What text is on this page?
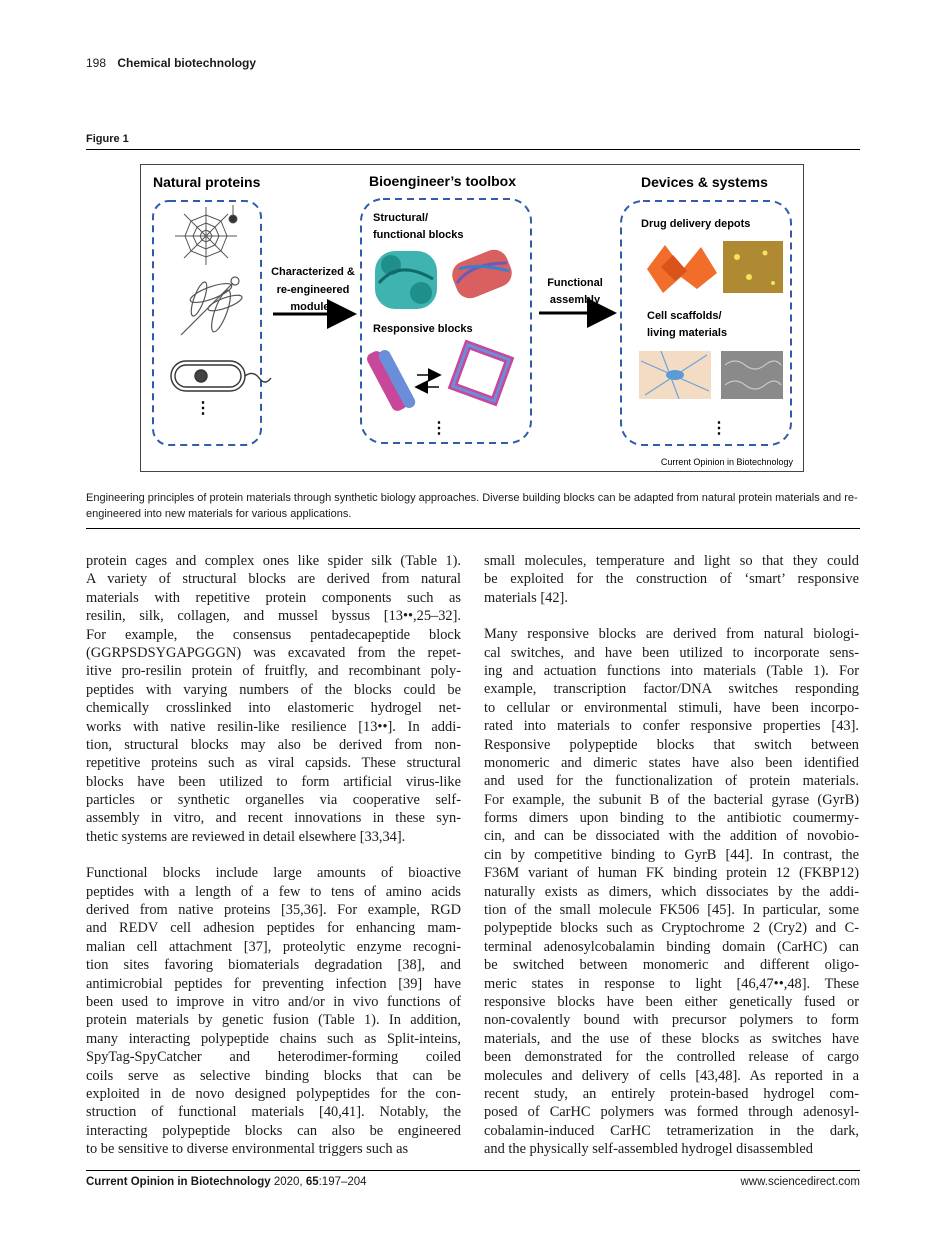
198 Chemical biotechnology
Figure 1
Natural proteins	Bioengineer’s toolbox	Devices & systems
⋮
Characterized &
re-engineered
modules
Structural/
functional blocks
Responsive blocks
⋮
Functional
assembly
Drug delivery depots
Cell scaffolds/
living materials
⋮
Current Opinion in Biotechnology
Engineering principles of protein materials through synthetic biology approaches. Diverse building blocks can be adapted from natural protein materials and re-engineered into new materials for various applications.

protein cages and complex ones like spider silk (Table 1).
A variety of structural blocks are derived from natural
materials with repetitive protein components such as
resilin, silk, collagen, and mussel byssus [13••,25–32].
For example, the consensus pentadecapeptide block
(GGRPSDSYGAPGGGN) was excavated from the repet-
itive pro-resilin protein of fruitfly, and recombinant poly-
peptides with varying numbers of the blocks could be
chemically crosslinked into elastomeric hydrogel net-
works with native resilin-like resilience [13••]. In addi-
tion, structural blocks may also be derived from non-
repetitive proteins such as viral capsids. These structural
blocks have been utilized to form artificial virus-like
particles or synthetic organelles via cooperative self-
assembly in vitro, and recent innovations in these syn-
thetic systems are reviewed in detail elsewhere [33,34].

Functional blocks include large amounts of bioactive
peptides with a length of a few to tens of amino acids
derived from native proteins [35,36]. For example, RGD
and REDV cell adhesion peptides for enhancing mam-
malian cell attachment [37], proteolytic enzyme recogni-
tion sites favoring biomaterials degradation [38], and
antimicrobial peptides for preventing infection [39] have
been used to improve in vitro and/or in vivo functions of
protein materials by genetic fusion (Table 1). In addition,
many interacting polypeptide chains such as Split-inteins,
SpyTag-SpyCatcher and heterodimer-forming coiled
coils serve as selective binding blocks that can be
exploited in de novo designed polypeptides for the con-
struction of functional materials [40,41]. Notably, the
interacting polypeptide blocks can also be engineered
to be sensitive to diverse environmental triggers such as

small molecules, temperature and light so that they could
be exploited for the construction of ‘smart’ responsive
materials [42].

Many responsive blocks are derived from natural biologi-
cal switches, and have been utilized to incorporate sens-
ing and actuation functions into materials (Table 1). For
example, transcription factor/DNA switches responding
to cellular or environmental stimuli, have been incorpo-
rated into materials to confer responsive properties [43].
Responsive polypeptide blocks that switch between
monomeric and dimeric states have also been identified
and used for the functionalization of protein materials.
For example, the subunit B of the bacterial gyrase (GyrB)
forms dimers upon binding to the antibiotic coumermy-
cin, and can be dissociated with the addition of novobio-
cin by competitive binding to GyrB [44]. In contrast, the
F36M variant of human FK binding protein 12 (FKBP12)
naturally exists as dimers, which dissociates by the addi-
tion of the small molecule FK506 [45]. In particular, some
polypeptide blocks such as Cryptochrome 2 (Cry2) and C-
terminal adenosylcobalamin binding domain (CarHC) can
be switched between monomeric and different oligo-
meric states in response to light [46,47••,48]. These
responsive blocks have been either genetically fused or
non-covalently bound with precursor polymers to form
materials, and the use of these blocks as switches have
been demonstrated for the controlled release of cargo
molecules and delivery of cells [43,48]. As reported in a
recent study, an entirely protein-based hydrogel com-
posed of CarHC polymers was formed through adenosyl-
cobalamin-induced CarHC tetramerization in the dark,
and the physically self-assembled hydrogel disassembled

Current Opinion in Biotechnology 2020, 65:197–204	www.sciencedirect.com
